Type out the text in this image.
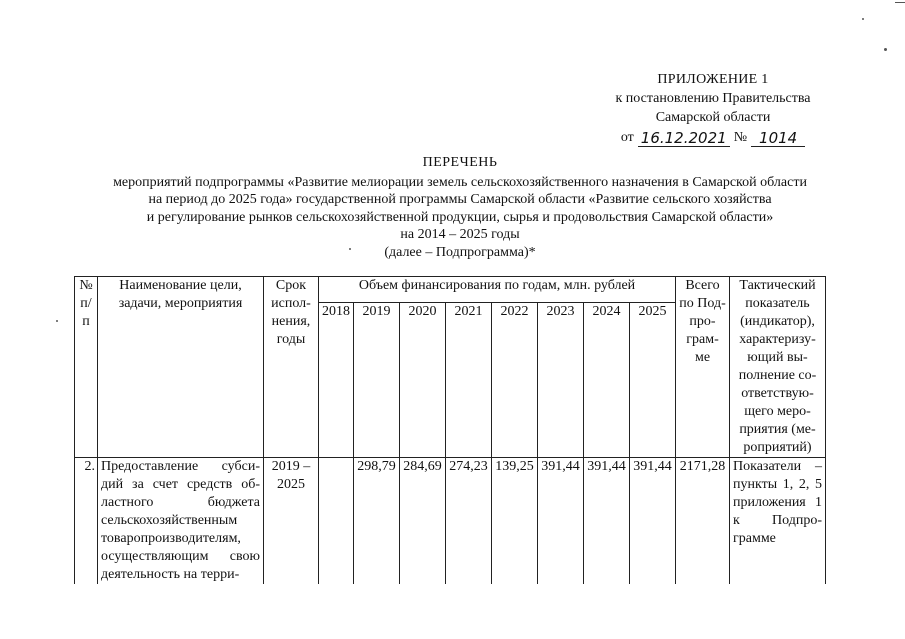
ПРИЛОЖЕНИЕ 1
к постановлению Правительства
Самарской области
от 16.12.2021 № 1014
ПЕРЕЧЕНЬ
мероприятий подпрограммы «Развитие мелиорации земель сельскохозяйственного назначения в Самарской области
на период до 2025 года» государственной программы Самарской области «Развитие сельского хозяйства
и регулирование рынков сельскохозяйственной продукции, сырья и продовольствия Самарской области»
на 2014 – 2025 годы
(далее – Подпрограмма)*
№ п/п	Наименование цели, задачи, мероприятия	Срок испол-нения, годы	Объем финансирования по годам, млн. рублей								Всего по Под-про-грам-ме	Тактический показатель (индикатор), характеризу-ющий вы-полнение со-ответствую-щего меро-приятия (ме-роприятий)
			2018	2019	2020	2021	2022	2023	2024	2025		
2.	Предоставление субси-дий за счет средств об-ластного бюджета сельскохозяйственным товаропроизводителям, осуществляющим свою деятельность на терри-	2019 – 2025		298,79	284,69	274,23	139,25	391,44	391,44	391,44	2171,28	Показатели – пункты 1, 2, 5 приложения 1 к Подпро-грамме
